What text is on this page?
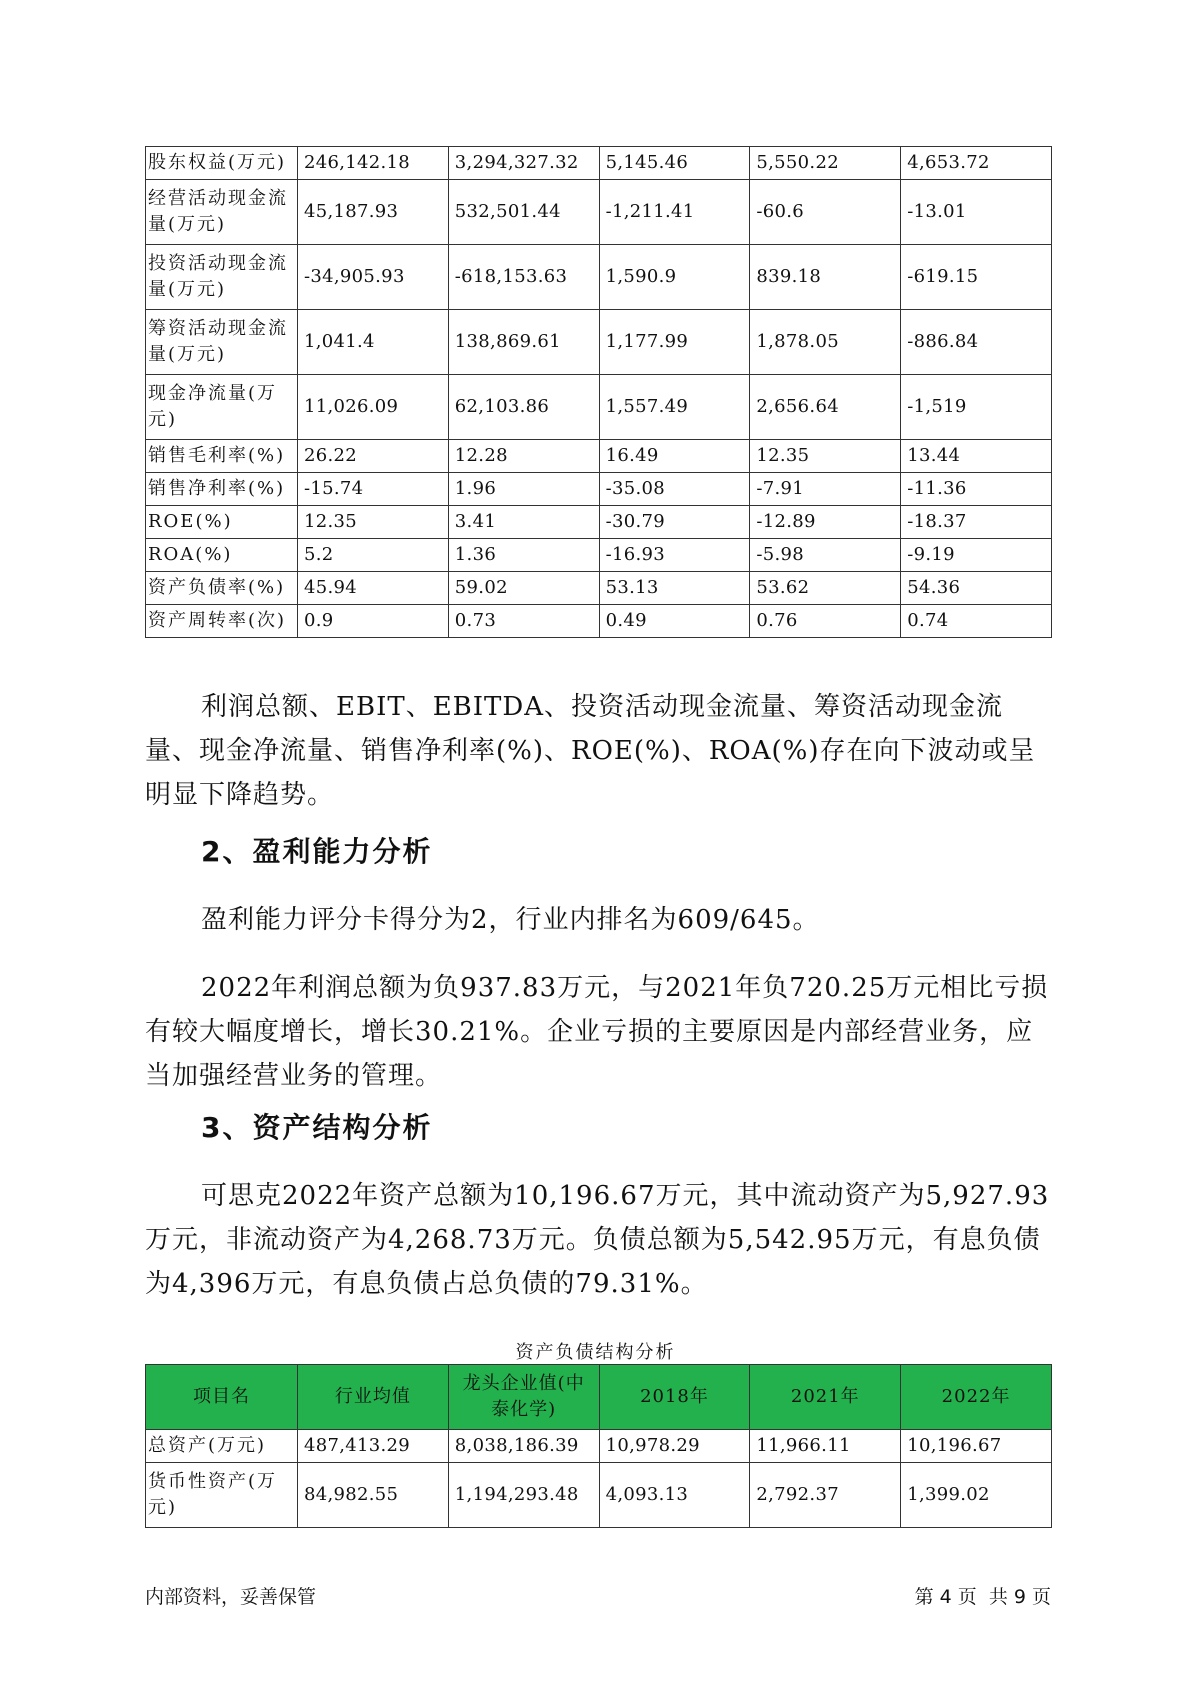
股东权益(万元)	246,142.18	3,294,327.32	5,145.46	5,550.22	4,653.72
经营活动现金流量(万元)	45,187.93	532,501.44	-1,211.41	-60.6	-13.01
投资活动现金流量(万元)	-34,905.93	-618,153.63	1,590.9	839.18	-619.15
筹资活动现金流量(万元)	1,041.4	138,869.61	1,177.99	1,878.05	-886.84
现金净流量(万元)	11,026.09	62,103.86	1,557.49	2,656.64	-1,519
销售毛利率(%)	26.22	12.28	16.49	12.35	13.44
销售净利率(%)	-15.74	1.96	-35.08	-7.91	-11.36
ROE(%)	12.35	3.41	-30.79	-12.89	-18.37
ROA(%)	5.2	1.36	-16.93	-5.98	-9.19
资产负债率(%)	45.94	59.02	53.13	53.62	54.36
资产周转率(次)	0.9	0.73	0.49	0.76	0.74

利润总额、EBIT、EBITDA、投资活动现金流量、筹资活动现金流量、现金净流量、销售净利率(%)、ROE(%)、ROA(%)存在向下波动或呈明显下降趋势。

2、盈利能力分析

盈利能力评分卡得分为2，行业内排名为609/645。

2022年利润总额为负937.83万元，与2021年负720.25万元相比亏损有较大幅度增长，增长30.21%。企业亏损的主要原因是内部经营业务，应当加强经营业务的管理。

3、资产结构分析

可思克2022年资产总额为10,196.67万元，其中流动资产为5,927.93万元，非流动资产为4,268.73万元。负债总额为5,542.95万元，有息负债为4,396万元，有息负债占总负债的79.31%。

资产负债结构分析
项目名	行业均值	龙头企业值(中泰化学)	2018年	2021年	2022年
总资产(万元)	487,413.29	8,038,186.39	10,978.29	11,966.11	10,196.67
货币性资产(万元)	84,982.55	1,194,293.48	4,093.13	2,792.37	1,399.02
内部资料，妥善保管	第 4 页  共 9 页
